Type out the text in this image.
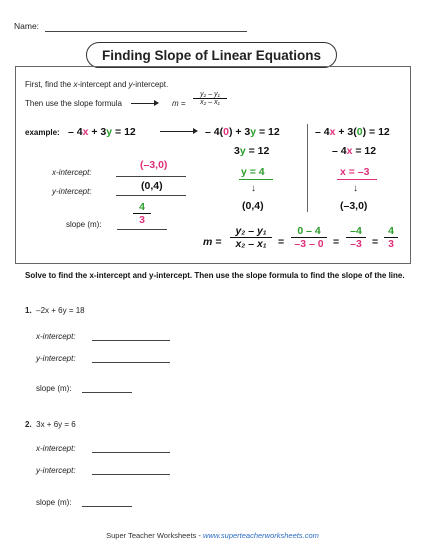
Name:
Finding Slope of Linear Equations
First, find the x-intercept and y-intercept.
Then use the slope formula	m =
y₂ – y₁
x₂ – x₁
example: – 4x + 3y = 12	– 4(0) + 3y = 12
3y = 12
y = 4
↓
(0,4)
– 4x + 3(0) = 12
– 4x = 12
x = –3
↓
(–3,0)
x-intercept:
(–3,0)
y-intercept:	(0,4)
slope (m):
4
3
m =
y₂ – y₁
x₂ – x₁ =
0 – 4
–3 – 0 =
–4
–3 =
4
3
Solve to find the x-intercept and y-intercept. Then use the slope formula to find the slope of the line.
1. –2x + 6y = 18
x-intercept:
y-intercept:
slope (m):
2. 3x + 6y = 6
x-intercept:
y-intercept:
slope (m):
Super Teacher Worksheets - www.superteacherworksheets.com
